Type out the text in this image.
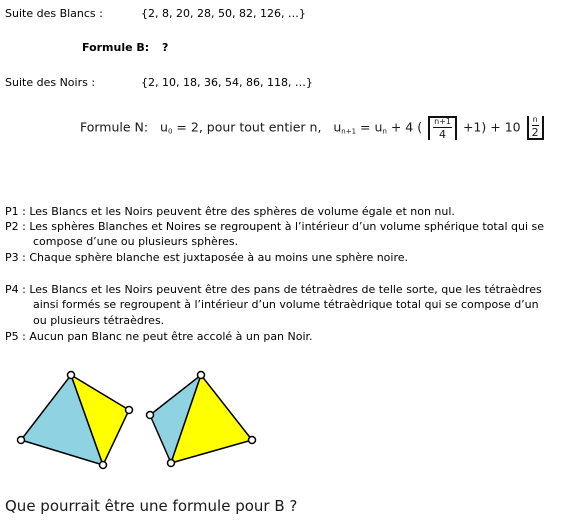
Suite des Blancs :	{2, 8, 20, 28, 50, 82, 126, …}
Formule B: ?
Suite des Noirs :	{2, 10, 18, 36, 54, 86, 118, …}
Formule N: $u_0 = 2$, pour tout entier n, $u_{n+1} = u_n + 4$ ( $\frac{n+1}{4} +1) + 10 \frac{n}{2}$
P1 : Les Blancs et les Noirs peuvent être des sphères de volume égale et non nul.
P2 : Les sphères Blanches et Noires se regroupent à l’intérieur d’un volume sphérique total qui se
compose d’une ou plusieurs sphères.
P3 : Chaque sphère blanche est juxtaposée à au moins une sphère noire.
P4 : Les Blancs et les Noirs peuvent être des pans de tétraèdres de telle sorte, que les tétraèdres
ainsi formés se regroupent à l’intérieur d’un volume tétraèdrique total qui se compose d’un
ou plusieurs tétraèdres.
P5 : Aucun pan Blanc ne peut être accolé à un pan Noir.
Que pourrait être une formule pour B ?
